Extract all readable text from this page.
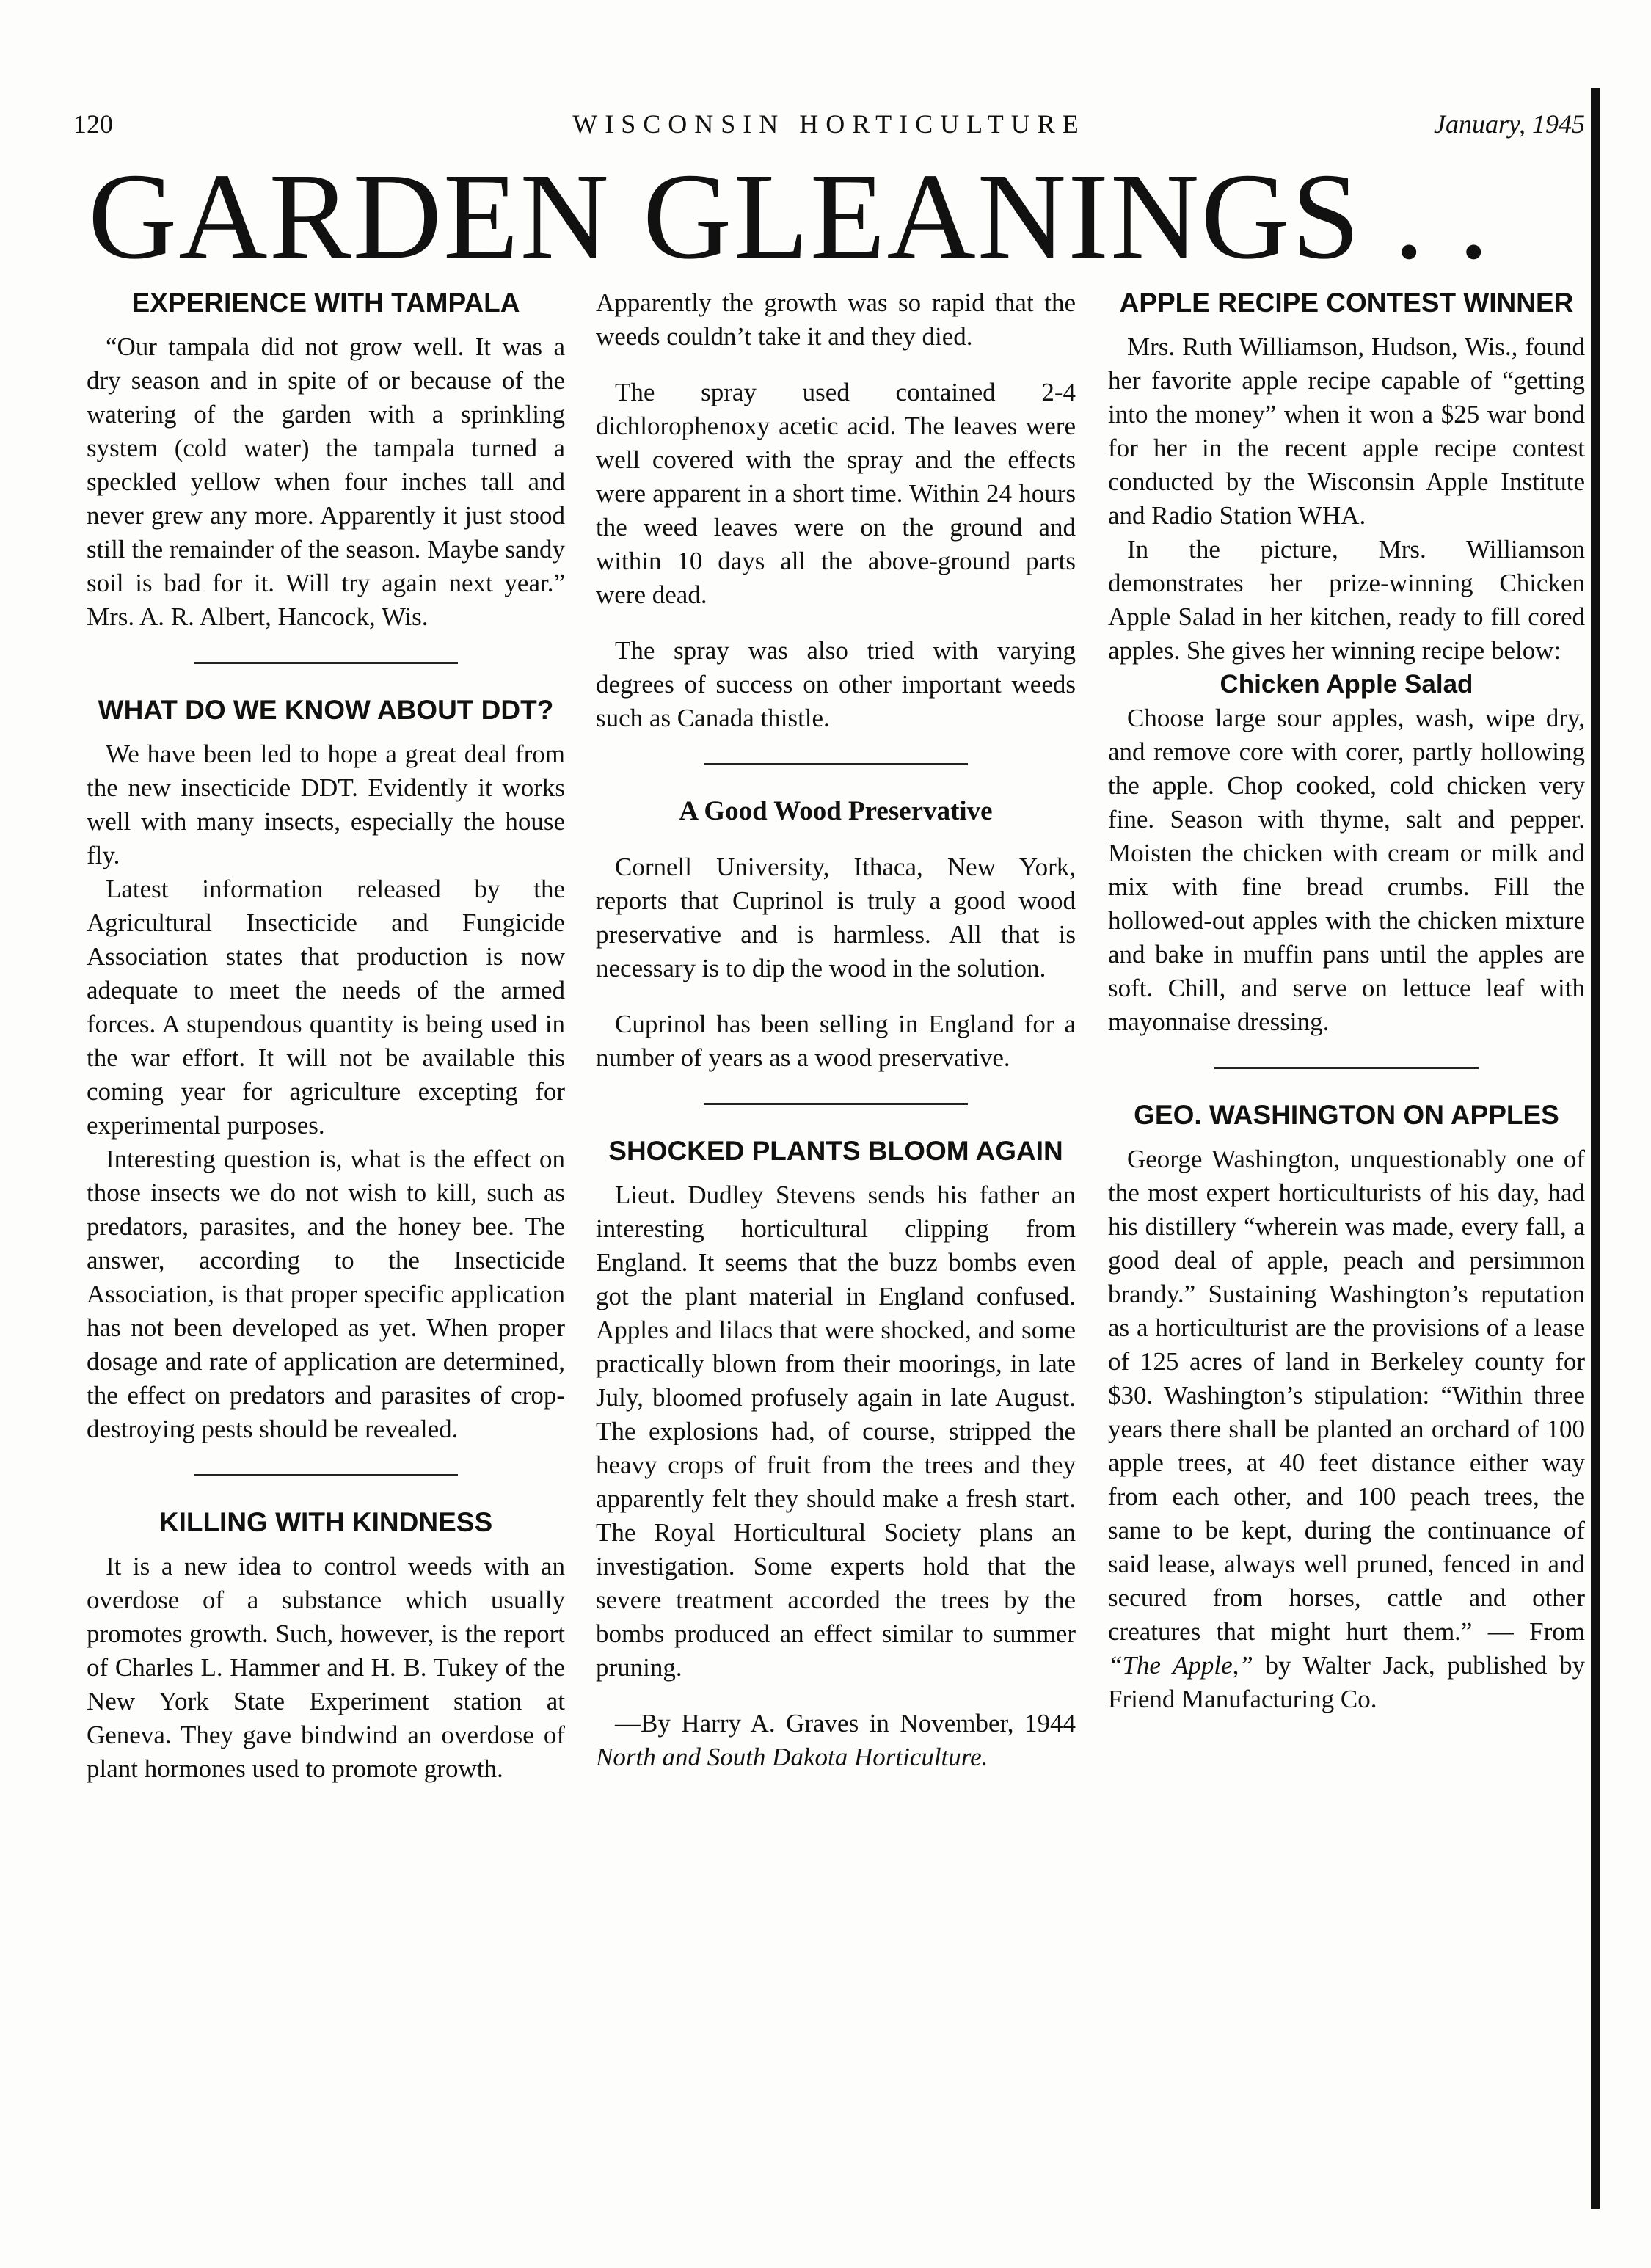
120	WISCONSIN HORTICULTURE	January, 1945
GARDEN GLEANINGS . .
EXPERIENCE WITH TAMPALA

“Our tampala did not grow well. It was a dry season and in spite of or because of the watering of the garden with a sprinkling system (cold water) the tampala turned a speckled yellow when four inches tall and never grew any more. Apparently it just stood still the remainder of the season. Maybe sandy soil is bad for it. Will try again next year.” Mrs. A. R. Albert, Hancock, Wis.

WHAT DO WE KNOW ABOUT DDT?

We have been led to hope a great deal from the new insecticide DDT. Evidently it works well with many insects, especially the house fly.

Latest information released by the Agricultural Insecticide and Fungicide Association states that production is now adequate to meet the needs of the armed forces. A stupendous quantity is being used in the war effort. It will not be available this coming year for agriculture excepting for experimental purposes.

Interesting question is, what is the effect on those insects we do not wish to kill, such as predators, parasites, and the honey bee. The answer, according to the Insecticide Association, is that proper specific application has not been developed as yet. When proper dosage and rate of application are determined, the effect on predators and parasites of crop-destroying pests should be revealed.

KILLING WITH KINDNESS

It is a new idea to control weeds with an overdose of a substance which usually promotes growth. Such, however, is the report of Charles L. Hammer and H. B. Tukey of the New York State Experiment station at Geneva. They gave bindwind an overdose of plant hormones used to promote growth.

Apparently the growth was so rapid that the weeds couldn’t take it and they died.

The spray used contained 2-4 dichlorophenoxy acetic acid. The leaves were well covered with the spray and the effects were apparent in a short time. Within 24 hours the weed leaves were on the ground and within 10 days all the above-ground parts were dead.

The spray was also tried with varying degrees of success on other important weeds such as Canada thistle.

A Good Wood Preservative

Cornell University, Ithaca, New York, reports that Cuprinol is truly a good wood preservative and is harmless. All that is necessary is to dip the wood in the solution.

Cuprinol has been selling in England for a number of years as a wood preservative.

SHOCKED PLANTS BLOOM AGAIN

Lieut. Dudley Stevens sends his father an interesting horticultural clipping from England. It seems that the buzz bombs even got the plant material in England confused. Apples and lilacs that were shocked, and some practically blown from their moorings, in late July, bloomed profusely again in late August. The explosions had, of course, stripped the heavy crops of fruit from the trees and they apparently felt they should make a fresh start. The Royal Horticultural Society plans an investigation. Some experts hold that the severe treatment accorded the trees by the bombs produced an effect similar to summer pruning.

—By Harry A. Graves in November, 1944 North and South Dakota Horticulture.

APPLE RECIPE CONTEST WINNER

Mrs. Ruth Williamson, Hudson, Wis., found her favorite apple recipe capable of “getting into the money” when it won a $25 war bond for her in the recent apple recipe contest conducted by the Wisconsin Apple Institute and Radio Station WHA.

In the picture, Mrs. Williamson demonstrates her prize-winning Chicken Apple Salad in her kitchen, ready to fill cored apples. She gives her winning recipe below:

Chicken Apple Salad

Choose large sour apples, wash, wipe dry, and remove core with corer, partly hollowing the apple. Chop cooked, cold chicken very fine. Season with thyme, salt and pepper. Moisten the chicken with cream or milk and mix with fine bread crumbs. Fill the hollowed-out apples with the chicken mixture and bake in muffin pans until the apples are soft. Chill, and serve on lettuce leaf with mayonnaise dressing.

GEO. WASHINGTON ON APPLES

George Washington, unquestionably one of the most expert horticulturists of his day, had his distillery “wherein was made, every fall, a good deal of apple, peach and persimmon brandy.” Sustaining Washington’s reputation as a horticulturist are the provisions of a lease of 125 acres of land in Berkeley county for $30. Washington’s stipulation: “Within three years there shall be planted an orchard of 100 apple trees, at 40 feet distance either way from each other, and 100 peach trees, the same to be kept, during the continuance of said lease, always well pruned, fenced in and secured from horses, cattle and other creatures that might hurt them.” — From “The Apple,” by Walter Jack, published by Friend Manufacturing Co.
